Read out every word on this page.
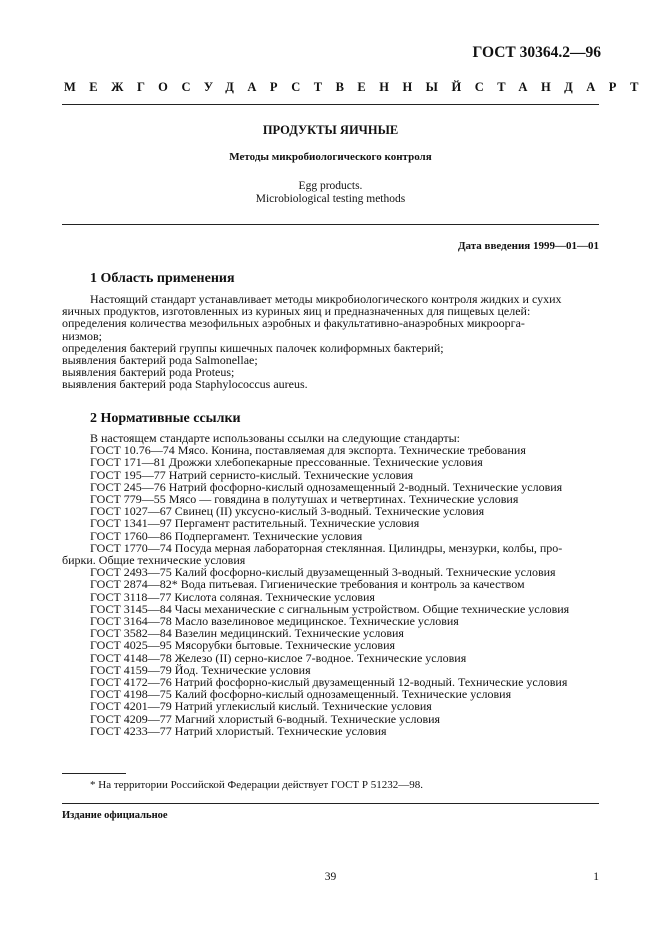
ГОСТ 30364.2—96
МЕЖГОСУДАРСТВЕННЫЙ СТАНДАРТ
ПРОДУКТЫ ЯИЧНЫЕ
Методы микробиологического контроля
Egg products.
Microbiological testing methods
Дата введения 1999—01—01
1 Область применения

Настоящий стандарт устанавливает методы микробиологического контроля жидких и сухих

яичных продуктов, изготовленных из куриных яиц и предназначенных для пищевых целей:

определения количества мезофильных аэробных и факультативно-анаэробных микроорга-

низмов;

определения бактерий группы кишечных палочек колиформных бактерий;

выявления бактерий рода Salmonellae;

выявления бактерий рода Proteus;

выявления бактерий рода Staphylococcus aureus.

2 Нормативные ссылки

В настоящем стандарте использованы ссылки на следующие стандарты:

ГОСТ 10.76—74 Мясо. Конина, поставляемая для экспорта. Технические требования

ГОСТ 171—81 Дрожжи хлебопекарные прессованные. Технические условия

ГОСТ 195—77 Натрий сернисто-кислый. Технические условия

ГОСТ 245—76 Натрий фосфорно-кислый однозамещенный 2-водный. Технические условия

ГОСТ 779—55 Мясо — говядина в полутушах и четвертинах. Технические условия

ГОСТ 1027—67 Свинец (II) уксусно-кислый 3-водный. Технические условия

ГОСТ 1341—97 Пергамент растительный. Технические условия

ГОСТ 1760—86 Подпергамент. Технические условия

ГОСТ 1770—74 Посуда мерная лабораторная стеклянная. Цилиндры, мензурки, колбы, про-

бирки. Общие технические условия

ГОСТ 2493—75 Калий фосфорно-кислый двузамещенный 3-водный. Технические условия

ГОСТ 2874—82* Вода питьевая. Гигиенические требования и контроль за качеством

ГОСТ 3118—77 Кислота соляная. Технические условия

ГОСТ 3145—84 Часы механические с сигнальным устройством. Общие технические условия

ГОСТ 3164—78 Масло вазелиновое медицинское. Технические условия

ГОСТ 3582—84 Вазелин медицинский. Технические условия

ГОСТ 4025—95 Мясорубки бытовые. Технические условия

ГОСТ 4148—78 Железо (II) серно-кислое 7-водное. Технические условия

ГОСТ 4159—79 Йод. Технические условия

ГОСТ 4172—76 Натрий фосфорно-кислый двузамещенный 12-водный. Технические условия

ГОСТ 4198—75 Калий фосфорно-кислый однозамещенный. Технические условия

ГОСТ 4201—79 Натрий углекислый кислый. Технические условия

ГОСТ 4209—77 Магний хлористый 6-водный. Технические условия

ГОСТ 4233—77 Натрий хлористый. Технические условия

* На территории Российской Федерации действует ГОСТ Р 51232—98.
Издание официальное
39	1
